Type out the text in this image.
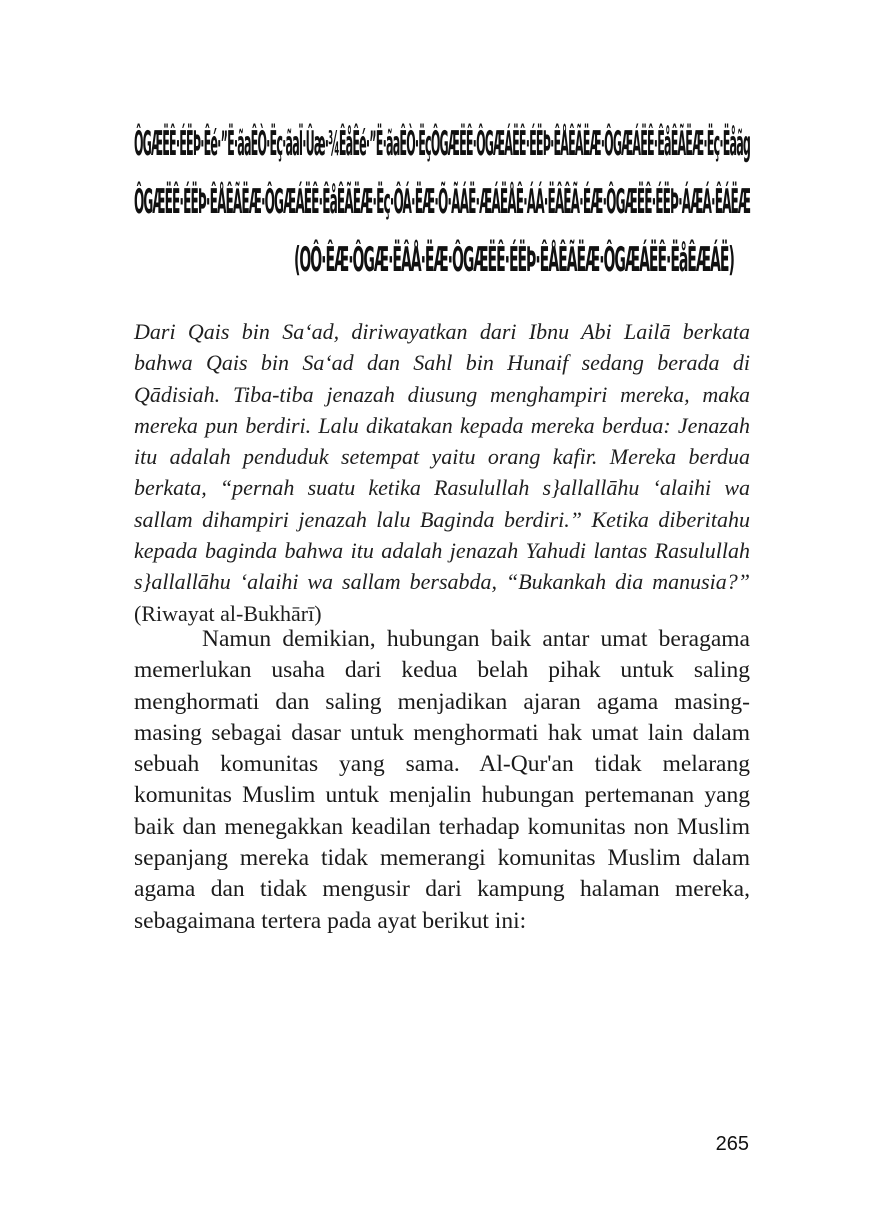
ÔGÆËÊ·ÉËÞ·Êé·”Ë·ãaÊÒ·Ëç·ãaÏ·Ûæ·¾ÊåÊé·”Ë·ãaÊÒ·ËçÔGÆËÊ·ÔGÆÁËÊ·ÉËÞ·ÊÅÊÃËÆ·ÔGÆÁËÊ·ÊåÊÃËÆ·Ëç·Ëåãg
ÔGÆËÊ·ÉËÞ·ÊÅÊÃËÆ·ÔGÆÁËÊ·ÊåÊÃËÆ·Ëç·ÔÁ·ËÆ·Õ·ÃÁË·ÆÁËÅÊ·ÁÁ·ËÂÊÃ·ÉÆ·ÔGÆËÊ·ÉËÞ·ÁÆÁ·ÊÁËÆ
(OÔ·ÊÆ·ÔGÆ·ËÂÅ·ËÆ·ÔGÆËÊ·ÉËÞ·ÊÅÊÃËÆ·ÔGÆÁËÊ·ËåÊÆÁË)

Dari Qais bin Sa‘ad, diriwayatkan dari Ibnu Abi Lailā berkata bahwa Qais bin Sa‘ad dan Sahl bin Hunaif sedang berada di Qādisiah. Tiba-tiba jenazah diusung menghampiri mereka, maka mereka pun berdiri. Lalu dikatakan kepada mereka berdua: Jenazah itu adalah penduduk setempat yaitu orang kafir. Mereka berdua berkata, “pernah suatu ketika Rasulullah s}allallāhu ‘alaihi wa sallam dihampiri jenazah lalu Baginda berdiri.” Ketika diberitahu kepada baginda bahwa itu adalah jenazah Yahudi lantas Rasulullah s}allallāhu ‘alaihi wa sallam bersabda, “Bukankah dia manusia?” (Riwayat al-Bukhārī)

Namun demikian, hubungan baik antar umat beragama memerlukan usaha dari kedua belah pihak untuk saling menghormati dan saling menjadikan ajaran agama masing-masing sebagai dasar untuk menghormati hak umat lain dalam sebuah komunitas yang sama. Al-Qur'an tidak melarang komunitas Muslim untuk menjalin hubungan pertemanan yang baik dan menegakkan keadilan terhadap komunitas non Muslim sepanjang mereka tidak memerangi komunitas Muslim dalam agama dan tidak mengusir dari kampung halaman mereka, sebagaimana tertera pada ayat berikut ini:

265
